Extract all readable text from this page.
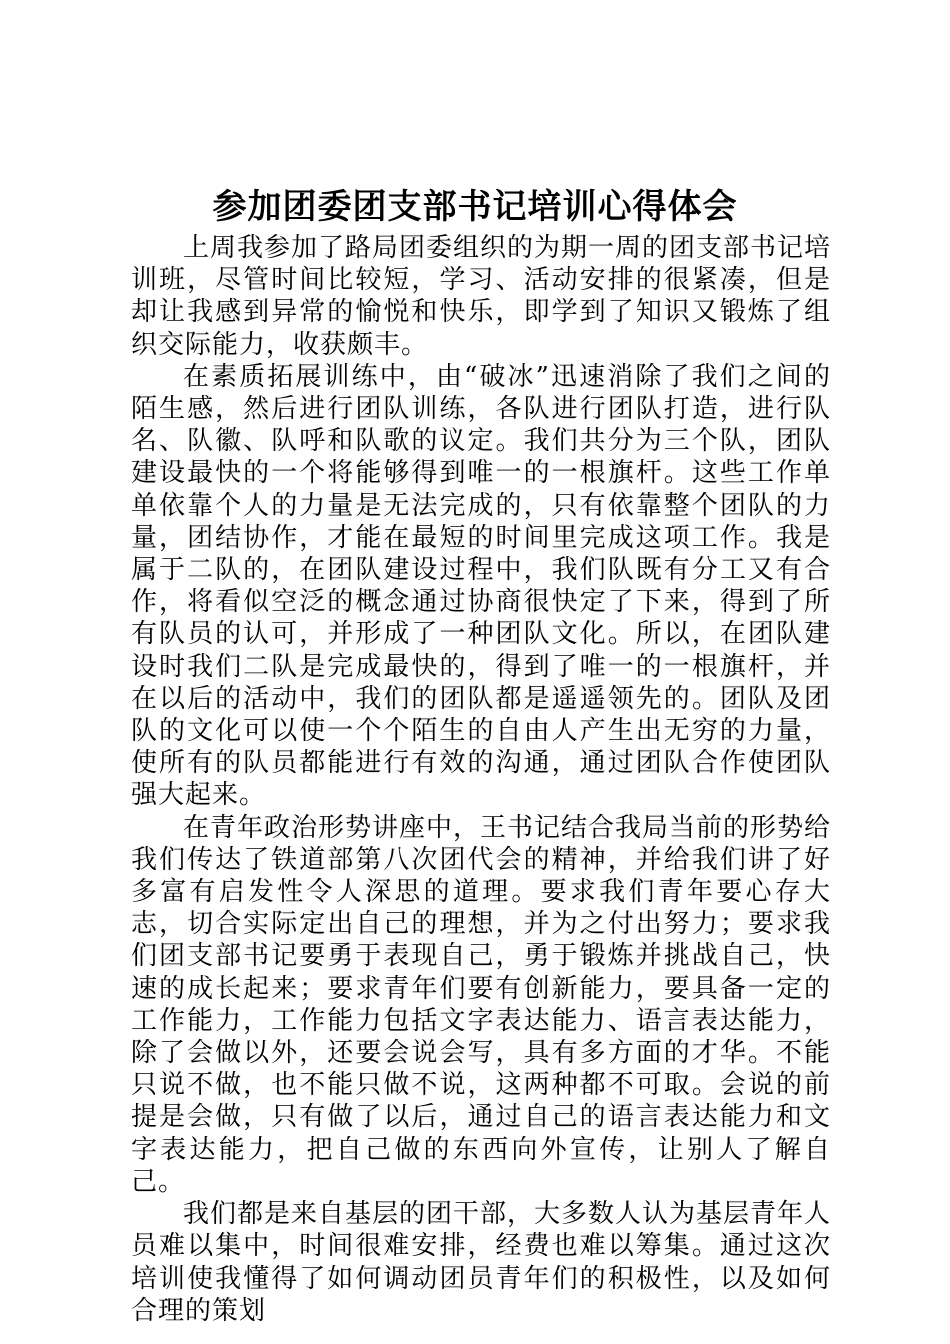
参加团委团支部书记培训心得体会

上周我参加了路局团委组织的为期一周的团支部书记培训班，尽管时间比较短，学习、活动安排的很紧凑，但是却让我感到异常的愉悦和快乐，即学到了知识又锻炼了组织交际能力，收获颇丰。

在素质拓展训练中，由“破冰”迅速消除了我们之间的陌生感，然后进行团队训练，各队进行团队打造，进行队名、队徽、队呼和队歌的议定。我们共分为三个队，团队建设最快的一个将能够得到唯一的一根旗杆。这些工作单单依靠个人的力量是无法完成的，只有依靠整个团队的力量，团结协作，才能在最短的时间里完成这项工作。我是属于二队的，在团队建设过程中，我们队既有分工又有合作，将看似空泛的概念通过协商很快定了下来，得到了所有队员的认可，并形成了一种团队文化。所以，在团队建设时我们二队是完成最快的，得到了唯一的一根旗杆，并在以后的活动中，我们的团队都是遥遥领先的。团队及团队的文化可以使一个个陌生的自由人产生出无穷的力量，使所有的队员都能进行有效的沟通，通过团队合作使团队强大起来。

在青年政治形势讲座中，王书记结合我局当前的形势给我们传达了铁道部第八次团代会的精神，并给我们讲了好多富有启发性令人深思的道理。要求我们青年要心存大志，切合实际定出自己的理想，并为之付出努力；要求我们团支部书记要勇于表现自己，勇于锻炼并挑战自己，快速的成长起来；要求青年们要有创新能力，要具备一定的工作能力，工作能力包括文字表达能力、语言表达能力，除了会做以外，还要会说会写，具有多方面的才华。不能只说不做，也不能只做不说，这两种都不可取。会说的前提是会做，只有做了以后，通过自己的语言表达能力和文字表达能力，把自己做的东西向外宣传，让别人了解自己。

我们都是来自基层的团干部，大多数人认为基层青年人员难以集中，时间很难安排，经费也难以筹集。通过这次培训使我懂得了如何调动团员青年们的积极性，以及如何合理的策划
